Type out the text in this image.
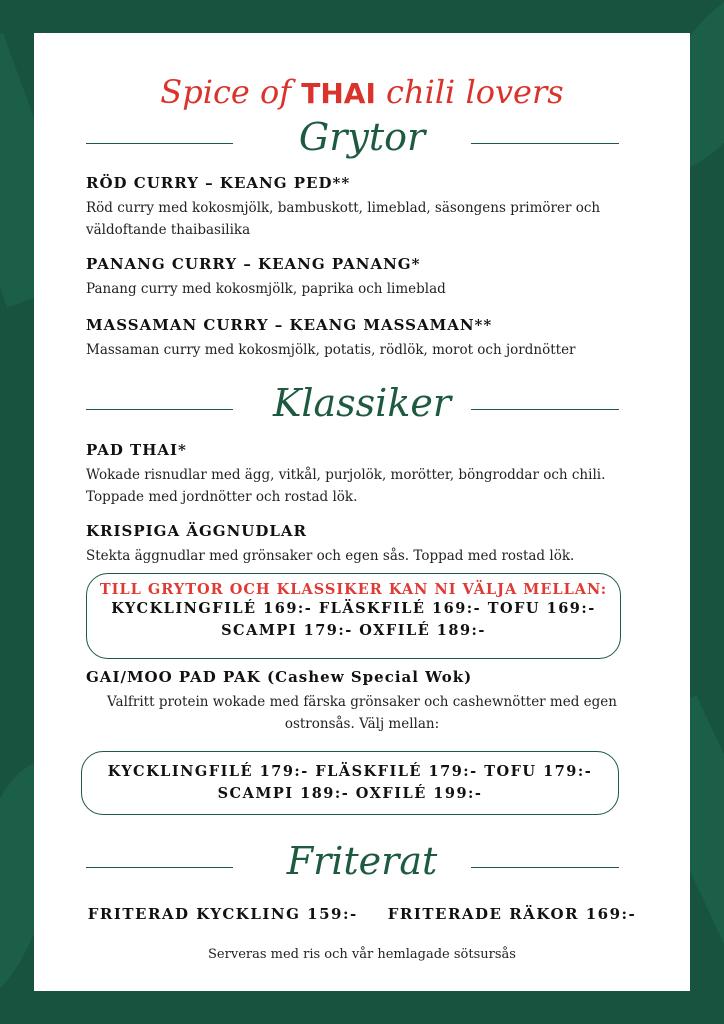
Spice of THAI chili lovers
Grytor
RÖD CURRY – KEANG PED**
Röd curry med kokosmjölk, bambuskott, limeblad, säsongens primörer och väldoftande thaibasilika
PANANG CURRY – KEANG PANANG*
Panang curry med kokosmjölk, paprika och limeblad
MASSAMAN CURRY – KEANG MASSAMAN**
Massaman curry med kokosmjölk, potatis, rödlök, morot och jordnötter
Klassiker
PAD THAI*
Wokade risnudlar med ägg, vitkål, purjolök, morötter, böngroddar och chili. Toppade med jordnötter och rostad lök.
KRISPIGA ÄGGNUDLAR
Stekta äggnudlar med grönsaker och egen sås. Toppad med rostad lök.
TILL GRYTOR OCH KLASSIKER KAN NI VÄLJA MELLAN:
KYCKLINGFILÉ 169:- FLÄSKFILÉ 169:- TOFU 169:-
SCAMPI 179:- OXFILÉ 189:-
GAI/MOO PAD PAK (Cashew Special Wok)
Valfritt protein wokade med färska grönsaker och cashewnötter med egen ostronsås. Välj mellan:
KYCKLINGFILÉ 179:- FLÄSKFILÉ 179:- TOFU 179:-
SCAMPI 189:- OXFILÉ 199:-
Friterat
FRITERAD KYCKLING 159:- FRITERADE RÄKOR 169:-
Serveras med ris och vår hemlagade sötsursås
